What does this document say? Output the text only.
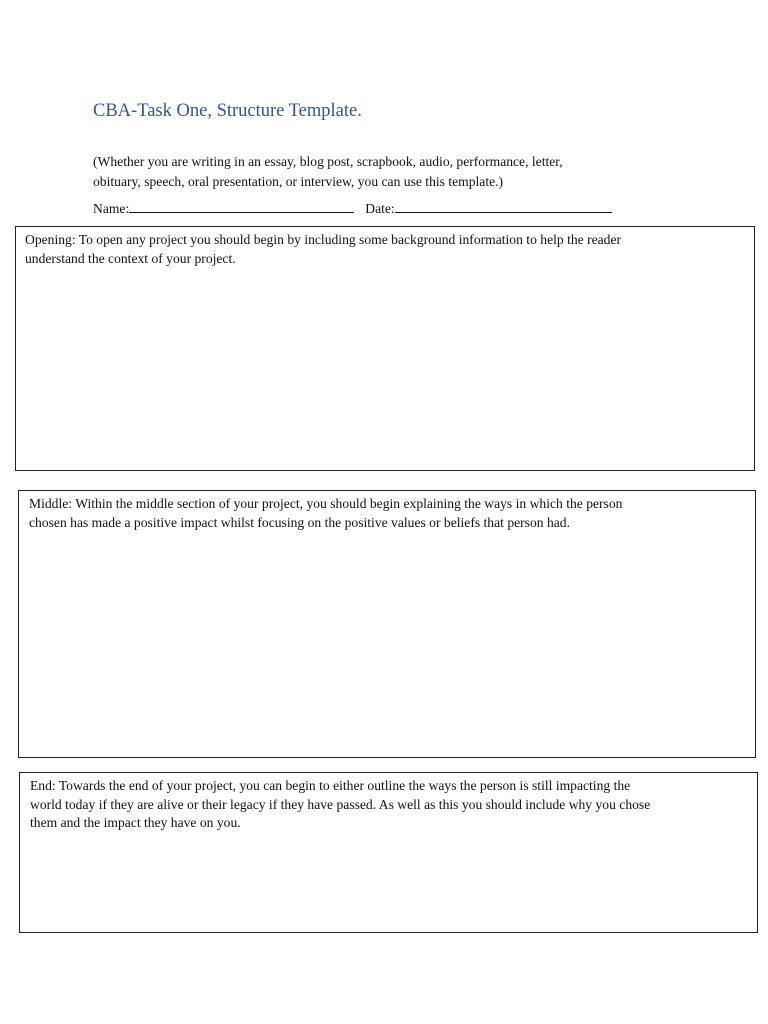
CBA-Task One, Structure Template.
(Whether you are writing in an essay, blog post, scrapbook, audio, performance, letter,
obituary, speech, oral presentation, or interview, you can use this template.)
Name:	Date:
Opening: To open any project you should begin by including some background information to help the reader
understand the context of your project.
Middle: Within the middle section of your project, you should begin explaining the ways in which the person
chosen has made a positive impact whilst focusing on the positive values or beliefs that person had.
End: Towards the end of your project, you can begin to either outline the ways the person is still impacting the
world today if they are alive or their legacy if they have passed. As well as this you should include why you chose
them and the impact they have on you.
